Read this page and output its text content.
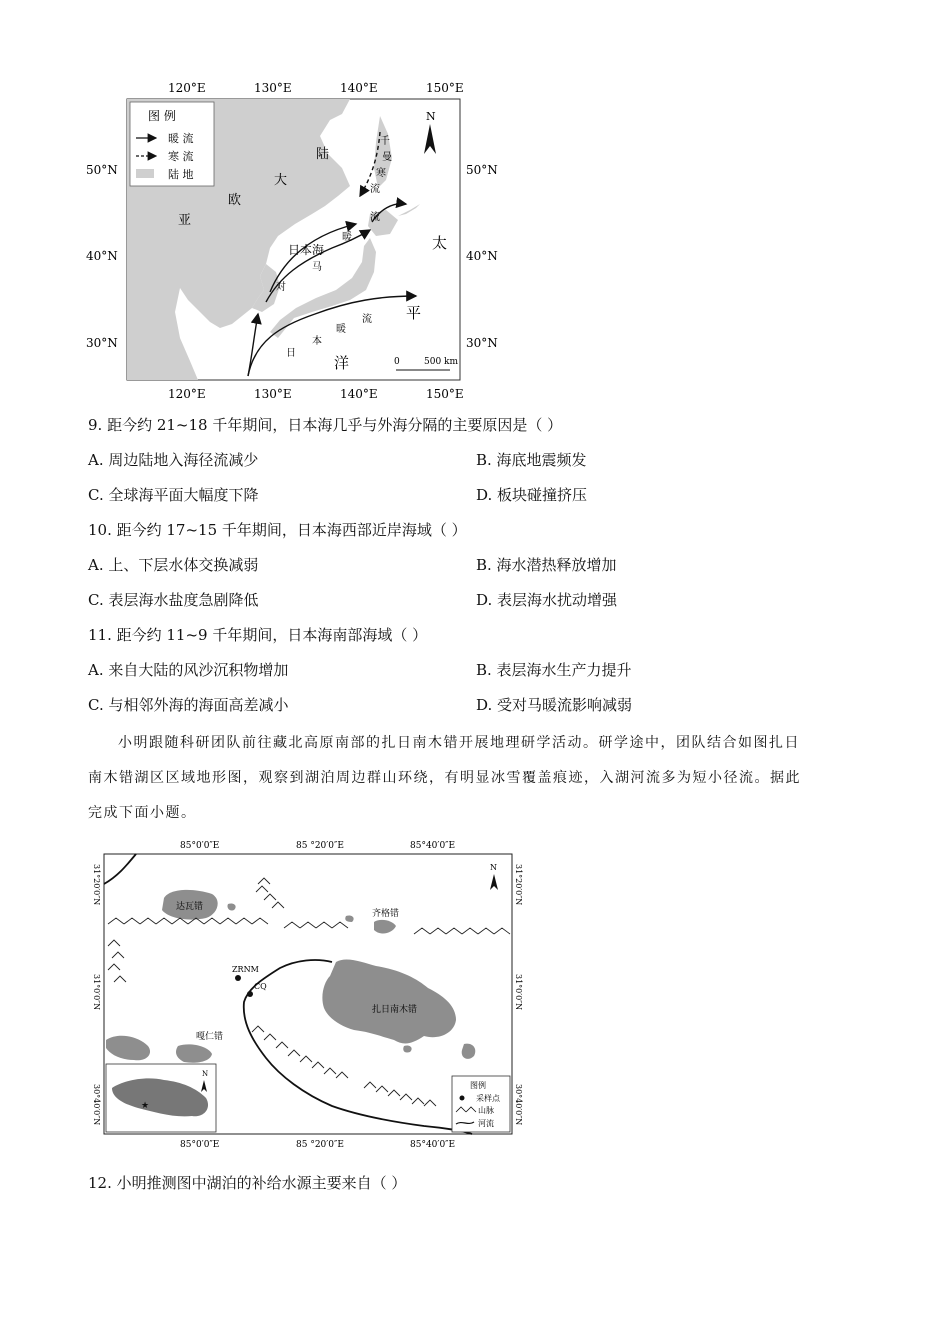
图 例
暖 流
寒 流
陆 地
N
0	500 km
120°E	130°E	140°E	150°E
120°E	130°E	140°E	150°E
50°N
40°N
30°N
50°N
40°N
30°N
陆
大
欧
亚
日本海	太
平
洋
千
曼
寒
流
流
暖
马
对
日
本
暖
流
9. 距今约 21~18 千年期间，日本海几乎与外海分隔的主要原因是（ ）
A. 周边陆地入海径流减少	B. 海底地震频发
C. 全球海平面大幅度下降	D. 板块碰撞挤压
10. 距今约 17~15 千年期间，日本海西部近岸海域（ ）
A. 上、下层水体交换减弱	B. 海水潜热释放增加
C. 表层海水盐度急剧降低	D. 表层海水扰动增强
11. 距今约 11~9 千年期间，日本海南部海域（ ）
A. 来自大陆的风沙沉积物增加	B. 表层海水生产力提升
C. 与相邻外海的海面高差减小	D. 受对马暖流影响减弱
小明跟随科研团队前往藏北高原南部的扎日南木错开展地理研学活动。研学途中，团队结合如图扎日
南木错湖区区域地形图，观察到湖泊周边群山环绕，有明显冰雪覆盖痕迹，入湖河流多为短小径流。据此
完成下面小题。
85°0′0″E	85 °20′0″E	85°40′0″E
85°0′0″E	85 °20′0″E	85°40′0″E
31°20′0″N
31°0′0″N
30°40′0″N
31°20′0″N
31°0′0″N
30°40′0″N
达瓦错
齐格错
扎日南木错
嘎仁错
ZRNM
CQ
N
N
★
图例
采样点
山脉
河流
12. 小明推测图中湖泊的补给水源主要来自（ ）
